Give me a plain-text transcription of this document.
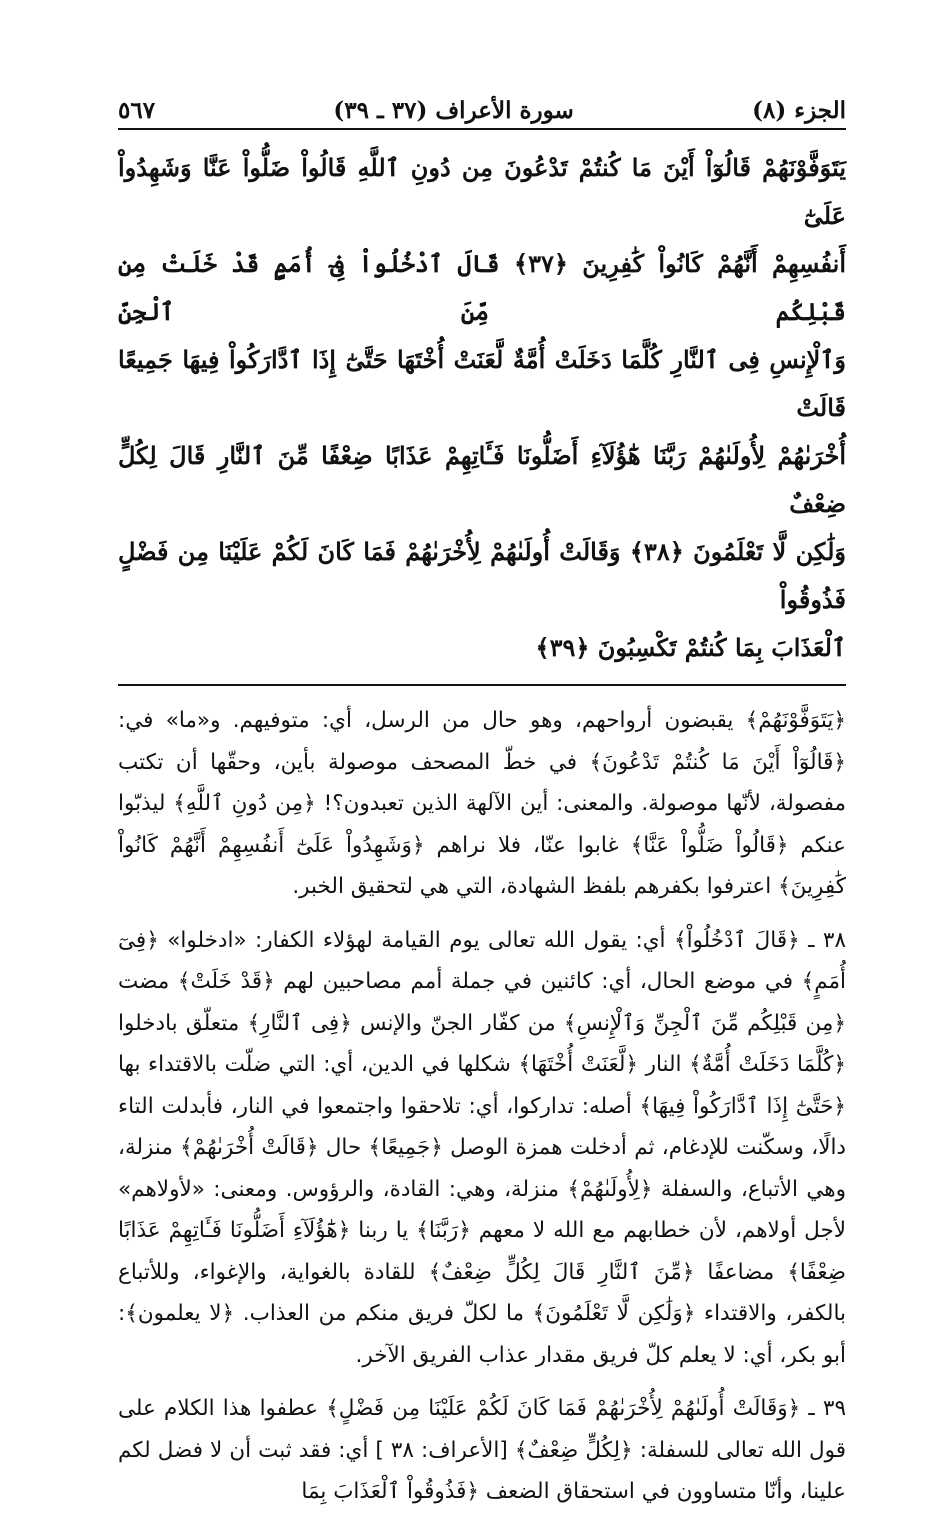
الجزء (٨)
سورة الأعراف (٣٧ ـ ٣٩)
٥٦٧

يَتَوَفَّوْنَهُمْ قَالُوٓاْ أَيْنَ مَا كُنتُمْ تَدْعُونَ مِن دُونِ ٱللَّهِ قَالُواْ ضَلُّواْ عَنَّا وَشَهِدُواْ عَلَىٰٓ

أَنفُسِهِمْ أَنَّهُمْ كَانُواْ كَٰفِرِينَ ﴿٣٧﴾ قَالَ ٱدْخُلُواْ فِىٓ أُمَمٍ قَدْ خَلَتْ مِن قَبْلِكُم مِّنَ ٱلْجِنِّ

وَٱلْإِنسِ فِى ٱلنَّارِ كُلَّمَا دَخَلَتْ أُمَّةٌ لَّعَنَتْ أُخْتَهَا حَتَّىٰٓ إِذَا ٱدَّارَكُواْ فِيهَا جَمِيعًا قَالَتْ

أُخْرَىٰهُمْ لِأُولَىٰهُمْ رَبَّنَا هَٰٓؤُلَآءِ أَضَلُّونَا فَـَٔاتِهِمْ عَذَابًا ضِعْفًا مِّنَ ٱلنَّارِ قَالَ لِكُلٍّ ضِعْفٌ

وَلَٰكِن لَّا تَعْلَمُونَ ﴿٣٨﴾ وَقَالَتْ أُولَىٰهُمْ لِأُخْرَىٰهُمْ فَمَا كَانَ لَكُمْ عَلَيْنَا مِن فَضْلٍ فَذُوقُواْ

ٱلْعَذَابَ بِمَا كُنتُمْ تَكْسِبُونَ ﴿٣٩﴾

﴿يَتَوَفَّوْنَهُمْ﴾ يقبضون أرواحهم، وهو حال من الرسل، أي: متوفيهم. و«ما» في: ﴿قَالُوٓاْ أَيْنَ مَا كُنتُمْ تَدْعُونَ﴾ في خطّ المصحف موصولة بأين، وحقّها أن تكتب مفصولة، لأنّها موصولة. والمعنى: أين الآلهة الذين تعبدون؟! ﴿مِن دُونِ ٱللَّهِ﴾ ليذبّوا عنكم ﴿قَالُواْ ضَلُّواْ عَنَّا﴾ غابوا عنّا، فلا نراهم ﴿وَشَهِدُواْ عَلَىٰٓ أَنفُسِهِمْ أَنَّهُمْ كَانُواْ كَٰفِرِينَ﴾ اعترفوا بكفرهم بلفظ الشهادة، التي هي لتحقيق الخبر.

٣٨ ـ ﴿قَالَ ٱدْخُلُواْ﴾ أي: يقول الله تعالى يوم القيامة لهؤلاء الكفار: «ادخلوا» ﴿فِىٓ أُمَمٍ﴾ في موضع الحال، أي: كائنين في جملة أمم مصاحبين لهم ﴿قَدْ خَلَتْ﴾ مضت ﴿مِن قَبْلِكُم مِّنَ ٱلْجِنِّ وَٱلْإِنسِ﴾ من كفّار الجنّ والإنس ﴿فِى ٱلنَّارِ﴾ متعلّق بادخلوا ﴿كُلَّمَا دَخَلَتْ أُمَّةٌ﴾ النار ﴿لَّعَنَتْ أُخْتَهَا﴾ شكلها في الدين، أي: التي ضلّت بالاقتداء بها ﴿حَتَّىٰٓ إِذَا ٱدَّارَكُواْ فِيهَا﴾ أصله: تداركوا، أي: تلاحقوا واجتمعوا في النار، فأبدلت التاء دالًا، وسكّنت للإدغام، ثم أدخلت همزة الوصل ﴿جَمِيعًا﴾ حال ﴿قَالَتْ أُخْرَىٰهُمْ﴾ منزلة، وهي الأتباع، والسفلة ﴿لِأُولَىٰهُمْ﴾ منزلة، وهي: القادة، والرؤوس. ومعنى: «لأولاهم» لأجل أولاهم، لأن خطابهم مع الله لا معهم ﴿رَبَّنَا﴾ يا ربنا ﴿هَٰٓؤُلَآءِ أَضَلُّونَا فَـَٔاتِهِمْ عَذَابًا ضِعْفًا﴾ مضاعفًا ﴿مِّنَ ٱلنَّارِ قَالَ لِكُلٍّ ضِعْفٌ﴾ للقادة بالغواية، والإغواء، وللأتباع بالكفر، والاقتداء ﴿وَلَٰكِن لَّا تَعْلَمُونَ﴾ ما لكلّ فريق منكم من العذاب. ﴿لا يعلمون﴾: أبو بكر، أي: لا يعلم كلّ فريق مقدار عذاب الفريق الآخر.

٣٩ ـ ﴿وَقَالَتْ أُولَىٰهُمْ لِأُخْرَىٰهُمْ فَمَا كَانَ لَكُمْ عَلَيْنَا مِن فَضْلٍ﴾ عطفوا هذا الكلام على قول الله تعالى للسفلة: ﴿لِكُلٍّ ضِعْفٌ﴾ [الأعراف: ٣٨ ] أي: فقد ثبت أن لا فضل لكم علينا، وأنّا متساوون في استحقاق الضعف ﴿فَذُوقُواْ ٱلْعَذَابَ بِمَا
